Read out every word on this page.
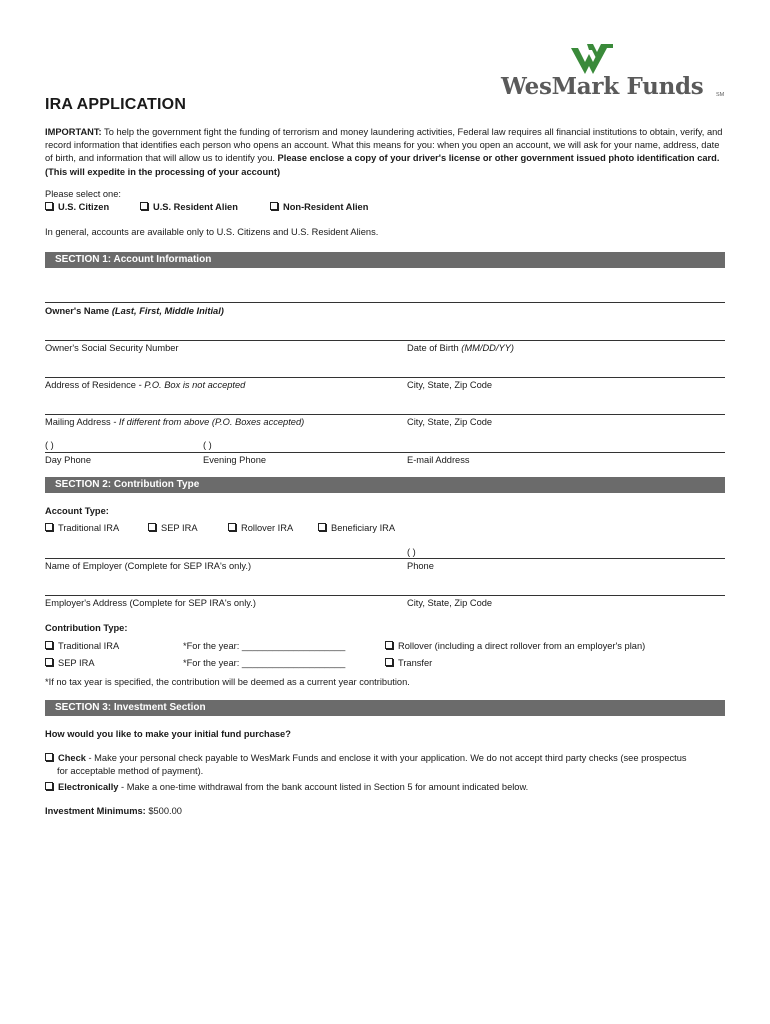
WesMark Funds SM
IRA APPLICATION
IMPORTANT: To help the government fight the funding of terrorism and money laundering activities, Federal law requires all financial institutions to obtain, verify, and record information that identifies each person who opens an account. What this means for you: when you open an account, we will ask for your name, address, date of birth, and information that will allow us to identify you. Please enclose a copy of your driver's license or other government issued photo identification card. (This will expedite in the processing of your account)
Please select one:
U.S. Citizen	U.S. Resident Alien	Non-Resident Alien
In general, accounts are available only to U.S. Citizens and U.S. Resident Aliens.
SECTION 1: Account Information
Owner's Name (Last, First, Middle Initial)
Owner's Social Security Number	Date of Birth (MM/DD/YY)
Address of Residence - P.O. Box is not accepted	City, State, Zip Code
Mailing Address - If different from above (P.O. Boxes accepted)	City, State, Zip Code
( )	( )
Day Phone	Evening Phone	E-mail Address
SECTION 2: Contribution Type
Account Type:
Traditional IRA	SEP IRA	Rollover IRA	Beneficiary IRA
( )
Name of Employer (Complete for SEP IRA's only.)	Phone
Employer's Address (Complete for SEP IRA's only.)	City, State, Zip Code
Contribution Type:
Traditional IRA	*For the year: ____________________	Rollover (including a direct rollover from an employer's plan)
SEP IRA	*For the year: ____________________	Transfer
*If no tax year is specified, the contribution will be deemed as a current year contribution.
SECTION 3: Investment Section
How would you like to make your initial fund purchase?
Check - Make your personal check payable to WesMark Funds and enclose it with your application. We do not accept third party checks (see prospectus
for acceptable method of payment).
Electronically - Make a one-time withdrawal from the bank account listed in Section 5 for amount indicated below.
Investment Minimums: $500.00
